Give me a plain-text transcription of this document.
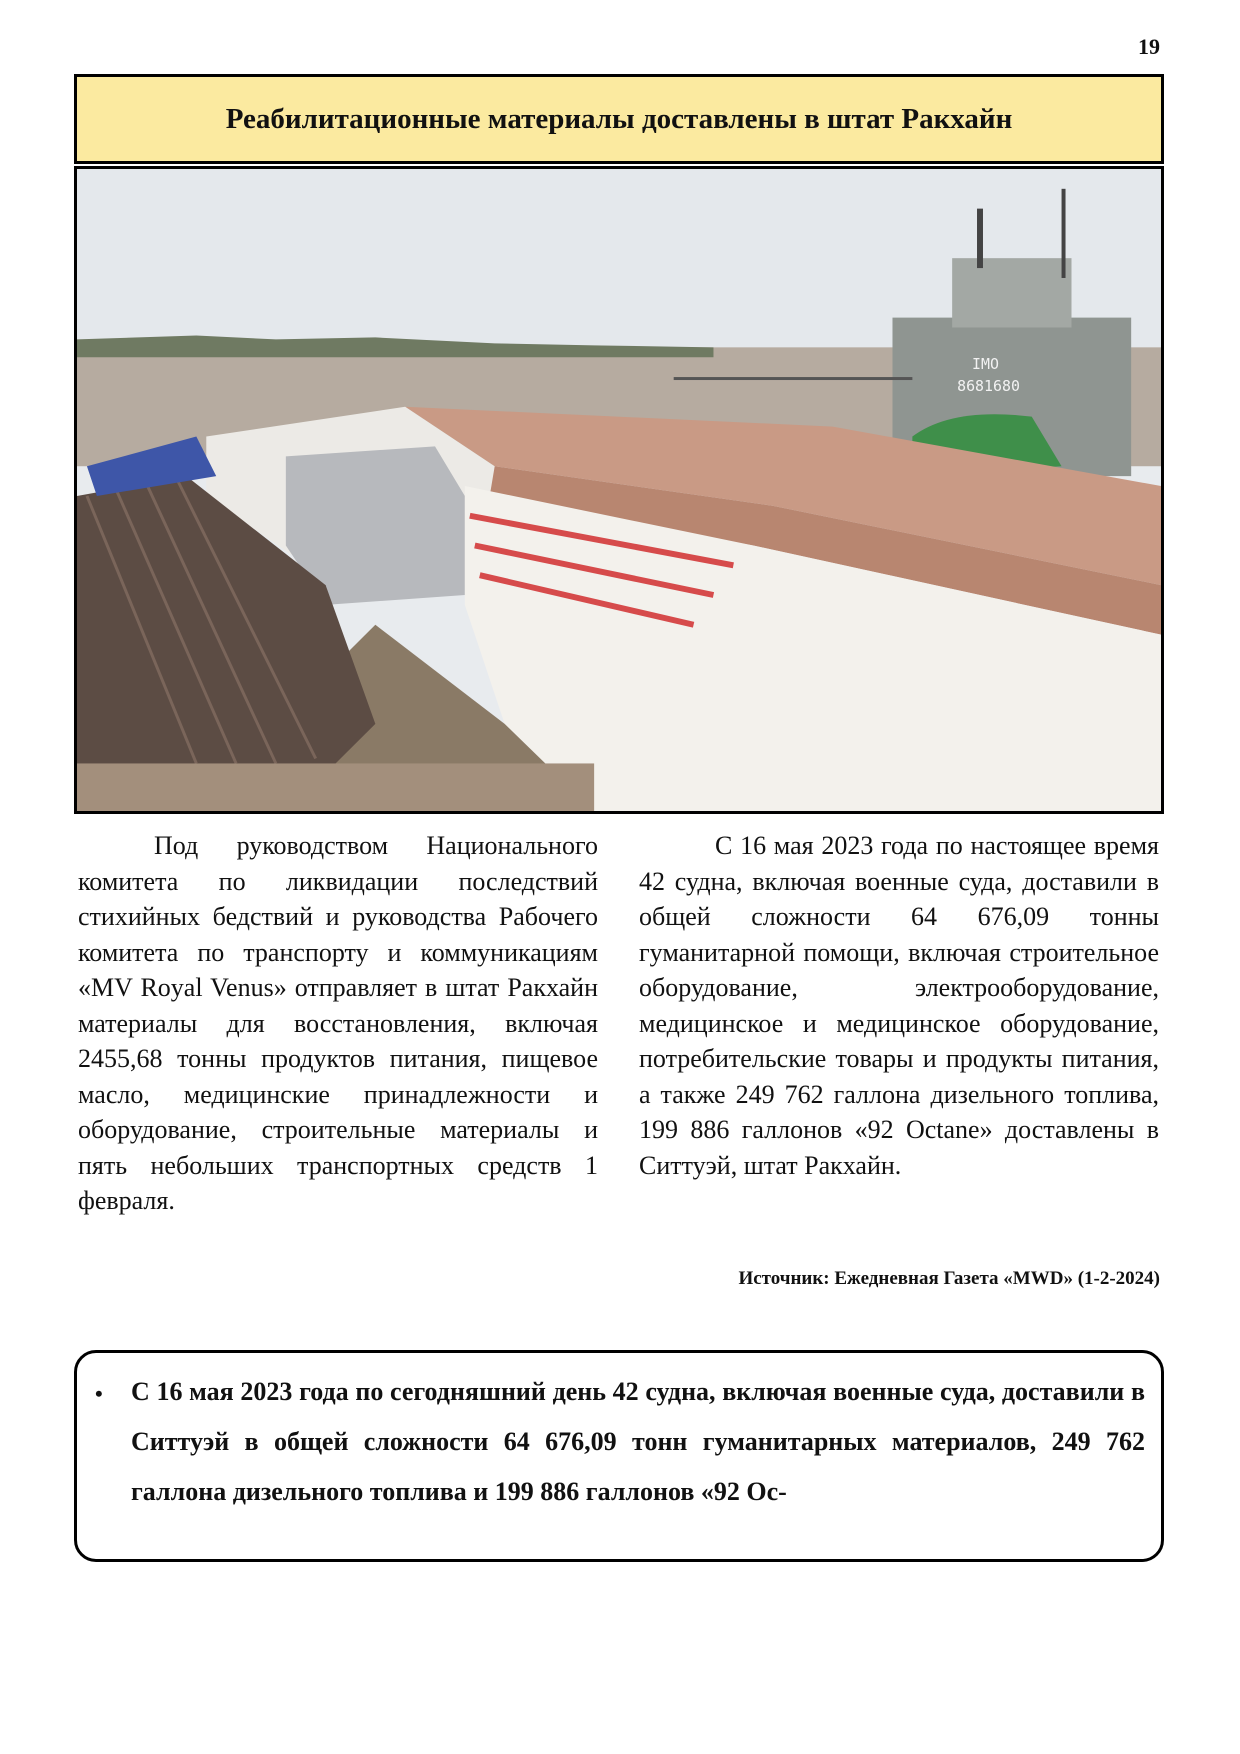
19
Реабилитационные материалы доставлены в штат Ракхайн
IMO
8681680

Под руководством Национального комитета по ликвидации последствий стихийных бедствий и руководства Рабочего комитета по транспорту и коммуникациям «MV Royal Venus» отправляет в штат Ракхайн материалы для восстановления, включая 2455,68 тонны продуктов питания, пищевое масло, медицинские принадлежности и оборудование, строительные материалы и пять небольших транспортных средств 1 февраля.

С 16 мая 2023 года по настоящее время 42 судна, включая военные суда, доставили в общей сложности 64 676,09 тонны гуманитарной помощи, включая строительное оборудование, электрооборудование, медицинское и медицинское оборудование, потребительские товары и продукты питания, а также 249 762 галлона дизельного топлива, 199 886 галлонов «92 Octane» доставлены в Ситтуэй, штат Ракхайн.

Источник: Ежедневная Газета «MWD» (1-2-2024)
• С 16 мая 2023 года по сегодняшний день 42 судна, включая военные суда, доставили в Ситтуэй в общей сложности 64 676,09 тонн гуманитарных материалов, 249 762 галлона дизельного топлива и 199 886 галлонов «92 Ос-
